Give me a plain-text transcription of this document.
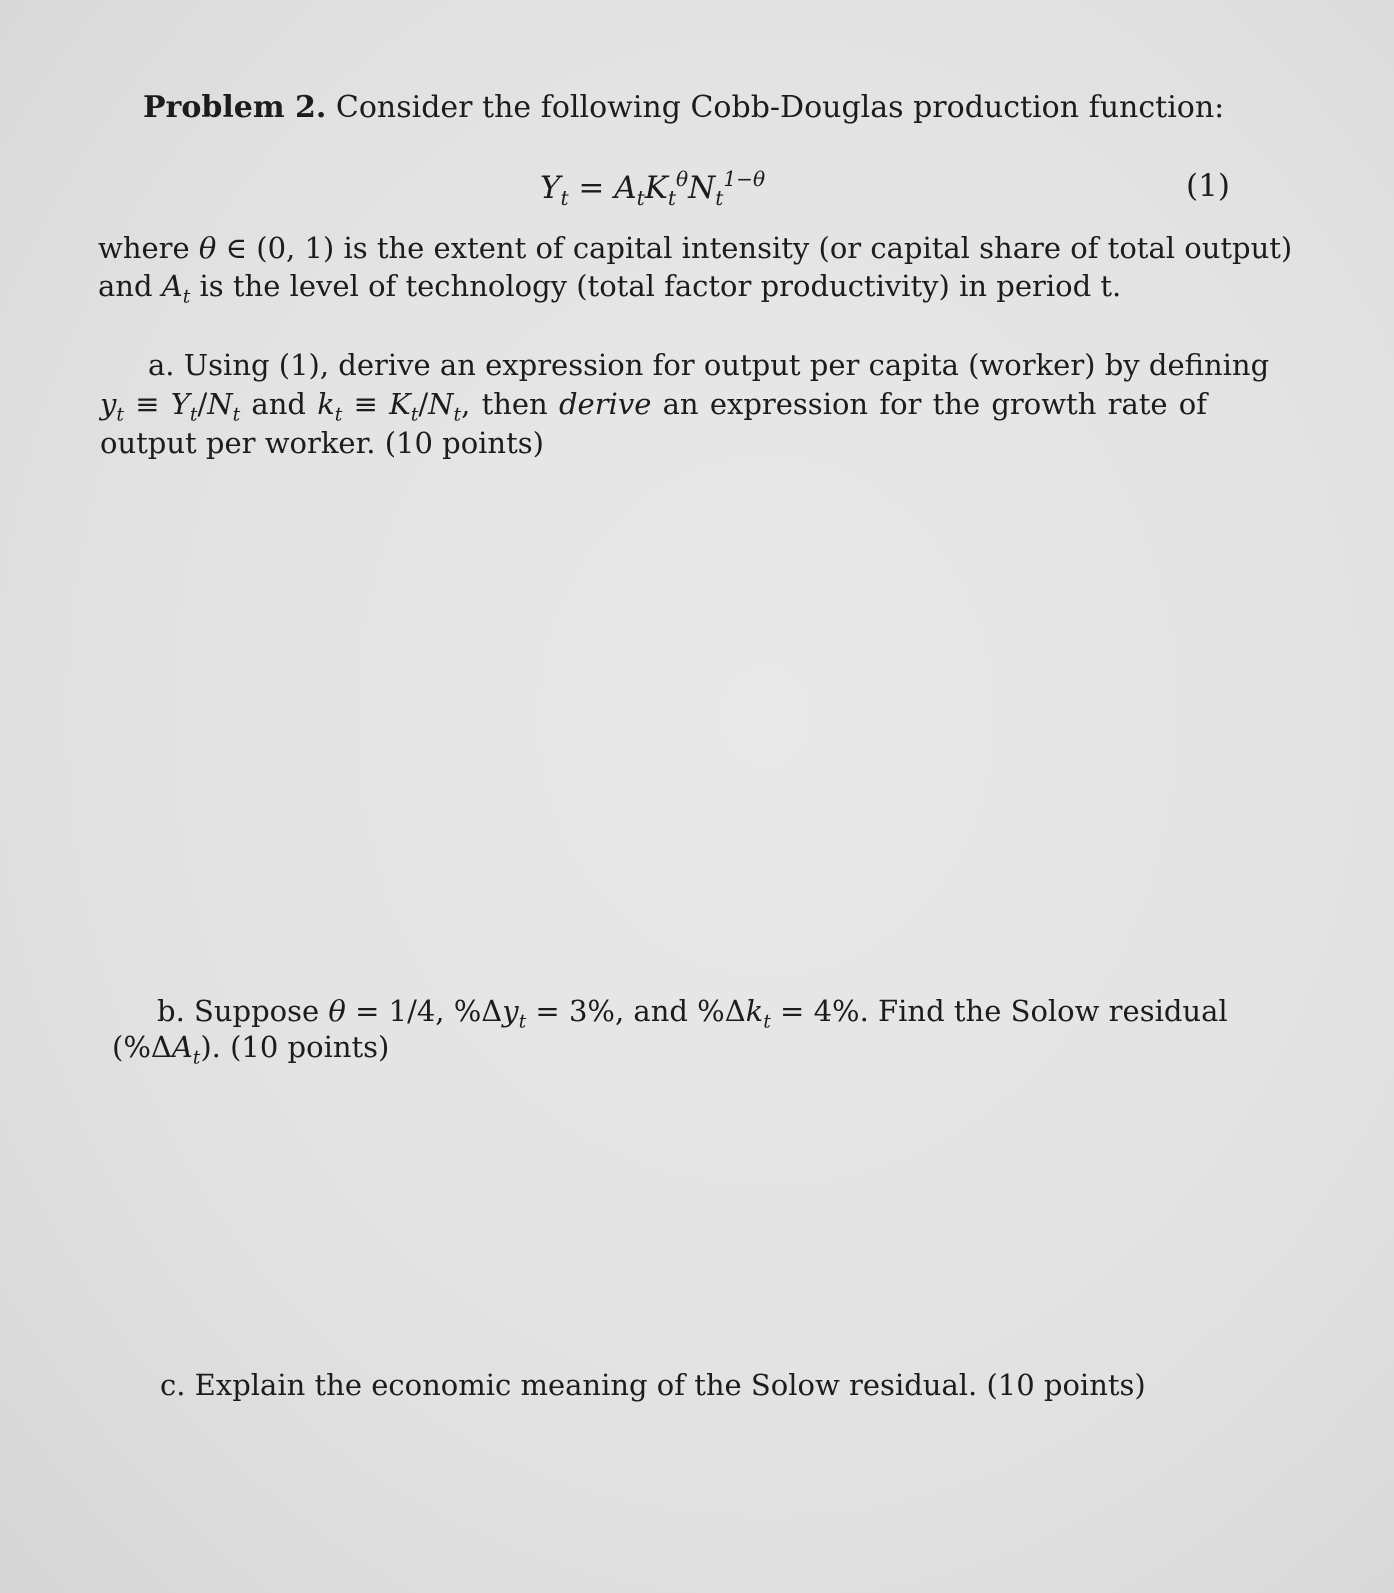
Problem 2. Consider the following Cobb-Douglas production function:
$Y_t = A_tK_t^\theta N_t^{1-\theta}$	(1)
where θ ∈ (0, 1) is the extent of capital intensity (or capital share of total output)
and $A_t$ is the level of technology (total factor productivity) in period t.
a. Using (1), derive an expression for output per capita (worker) by defining
$y_t \equiv Y_t/N_t$ and $k_t \equiv K_t/N_t$, then derive an expression for the growth rate of
output per worker. (10 points)
b. Suppose θ = 1/4, $\%\Delta y_t = 3\%$, and $\%\Delta k_t = 4\%$. Find the Solow residual
$(\%\Delta A_t)$. (10 points)
c. Explain the economic meaning of the Solow residual. (10 points)
